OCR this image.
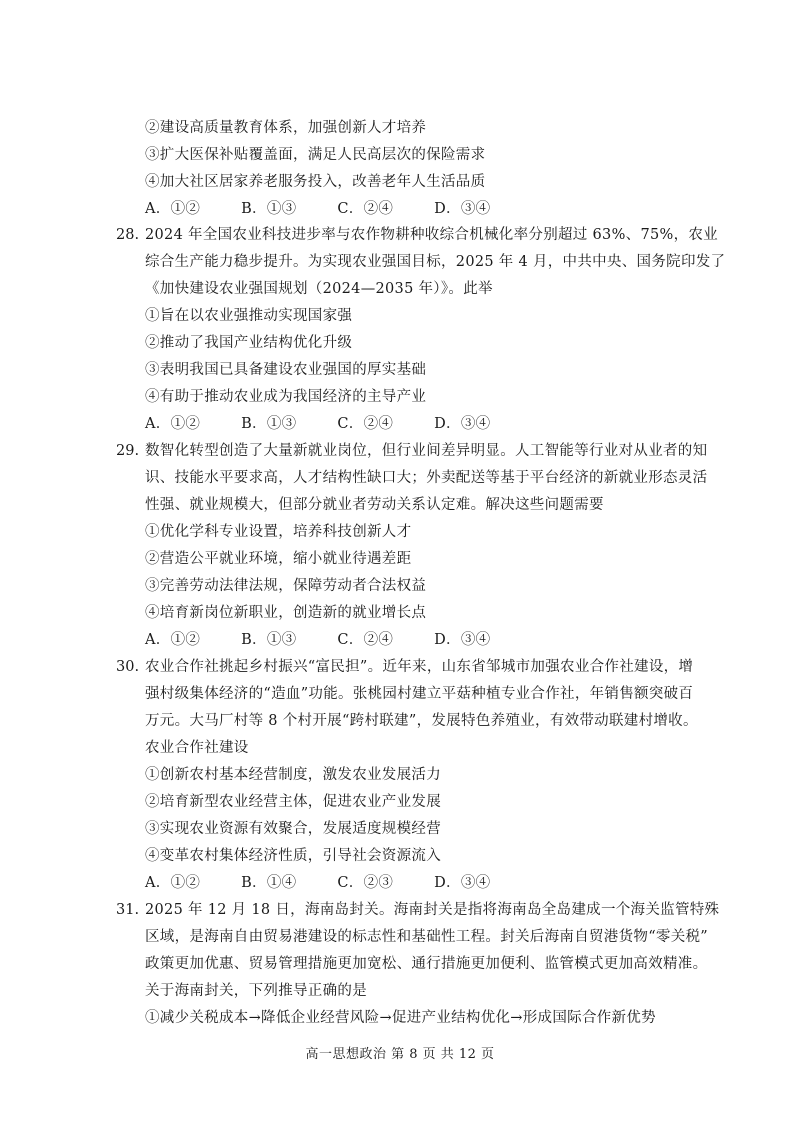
②建设高质量教育体系，加强创新人才培养
③扩大医保补贴覆盖面，满足人民高层次的保险需求
④加大社区居家养老服务投入，改善老年人生活品质
A．①②	B．①③	C．②④	D．③④
28. 2024 年全国农业科技进步率与农作物耕种收综合机械化率分别超过 63%、75%，农业
综合生产能力稳步提升。为实现农业强国目标，2025 年 4 月，中共中央、国务院印发了
《加快建设农业强国规划（2024—2035 年）》。此举
①旨在以农业强推动实现国家强
②推动了我国产业结构优化升级
③表明我国已具备建设农业强国的厚实基础
④有助于推动农业成为我国经济的主导产业
A．①②	B．①③	C．②④	D．③④
29. 数智化转型创造了大量新就业岗位，但行业间差异明显。人工智能等行业对从业者的知
识、技能水平要求高，人才结构性缺口大；外卖配送等基于平台经济的新就业形态灵活
性强、就业规模大，但部分就业者劳动关系认定难。解决这些问题需要
①优化学科专业设置，培养科技创新人才
②营造公平就业环境，缩小就业待遇差距
③完善劳动法律法规，保障劳动者合法权益
④培育新岗位新职业，创造新的就业增长点
A．①②	B．①③	C．②④	D．③④
30. 农业合作社挑起乡村振兴“富民担”。近年来，山东省邹城市加强农业合作社建设，增
强村级集体经济的“造血”功能。张桃园村建立平菇种植专业合作社，年销售额突破百
万元。大马厂村等 8 个村开展“跨村联建”，发展特色养殖业，有效带动联建村增收。
农业合作社建设
①创新农村基本经营制度，激发农业发展活力
②培育新型农业经营主体，促进农业产业发展
③实现农业资源有效聚合，发展适度规模经营
④变革农村集体经济性质，引导社会资源流入
A．①②	B．①④	C．②③	D．③④
31. 2025 年 12 月 18 日，海南岛封关。海南封关是指将海南岛全岛建成一个海关监管特殊
区域，是海南自由贸易港建设的标志性和基础性工程。封关后海南自贸港货物“零关税”
政策更加优惠、贸易管理措施更加宽松、通行措施更加便利、监管模式更加高效精准。
关于海南封关，下列推导正确的是
①减少关税成本→降低企业经营风险→促进产业结构优化→形成国际合作新优势
高一思想政治 第 8 页 共 12 页
